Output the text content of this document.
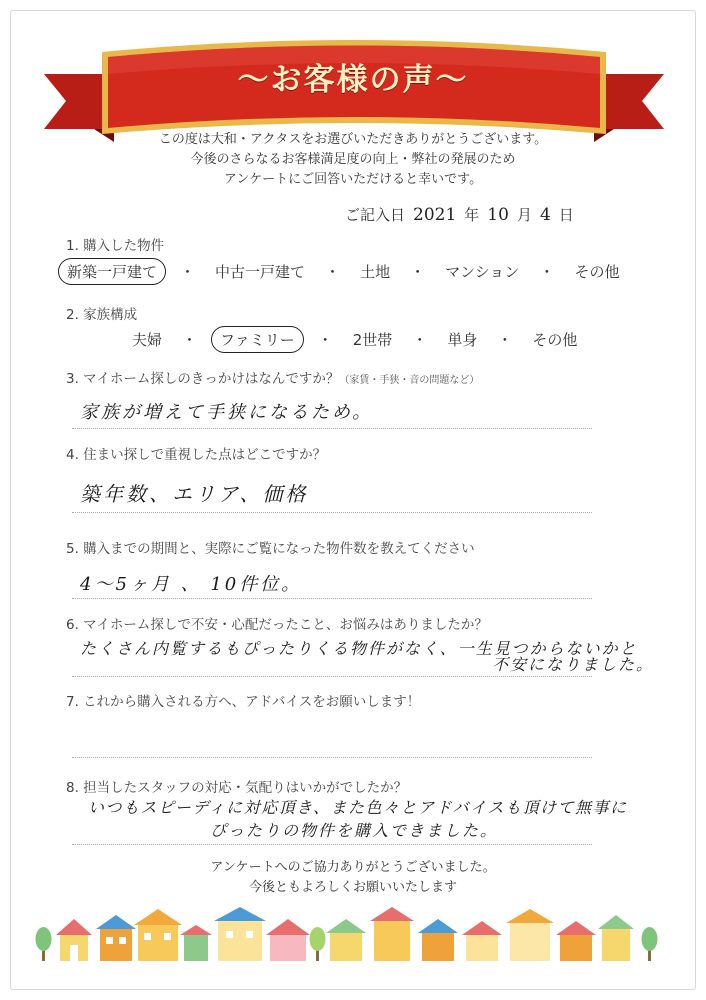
～お客様の声～
この度は大和・アクタスをお選びいただきありがとうございます。
今後のさらなるお客様満足度の向上・弊社の発展のため
アンケートにご回答いただけると幸いです。
ご記入日 2021 年 10 月 4 日
1. 購入した物件
新築一戸建て	・	中古一戸建て	・	土地	・	マンション	・	その他
2. 家族構成
夫婦	・	ファミリー	・	2世帯	・	単身	・	その他
3. マイホーム探しのきっかけはなんですか？（家賃・手狭・音の問題など）
家族が増えて手狭になるため。
4. 住まい探しで重視した点はどこですか？
築年数、エリア、価格
5. 購入までの期間と、実際にご覧になった物件数を教えてください
4～5ヶ月 、 10件位。
6. マイホーム探しで不安・心配だったこと、お悩みはありましたか？
たくさん内覧するもぴったりくる物件がなく、一生見つからないかと
不安になりました。
7. これから購入される方へ、アドバイスをお願いします！
8. 担当したスタッフの対応・気配りはいかがでしたか？
いつもスピーディに対応頂き、また色々とアドバイスも頂けて無事に
ぴったりの物件を購入できました。
アンケートへのご協力ありがとうございました。
今後ともよろしくお願いいたします
